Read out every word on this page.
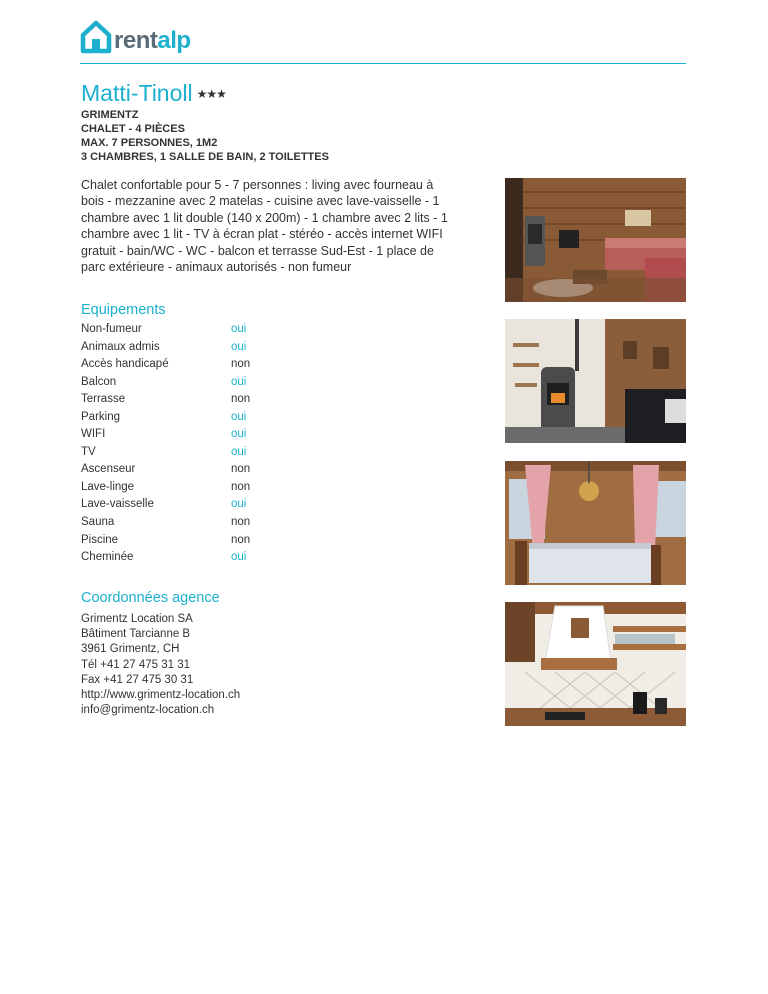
rentalp
Matti-Tinoll ★★★
GRIMENTZ
CHALET - 4 PIÈCES
MAX. 7 PERSONNES, 1M2
3 CHAMBRES, 1 SALLE DE BAIN, 2 TOILETTES
Chalet confortable pour 5 - 7 personnes : living avec fourneau à bois - mezzanine avec 2 matelas - cuisine avec lave-vaisselle - 1 chambre avec 1 lit double (140 x 200m) - 1 chambre avec 2 lits - 1 chambre avec 1 lit - TV à écran plat - stéréo - accès internet WIFI gratuit - bain/WC - WC - balcon et terrasse Sud-Est - 1 place de parc extérieure - animaux autorisés - non fumeur
Equipements
Non-fumeur	oui
Animaux admis	oui
Accès handicapé	non
Balcon	oui
Terrasse	non
Parking	oui
WIFI	oui
TV	oui
Ascenseur	non
Lave-linge	non
Lave-vaisselle	oui
Sauna	non
Piscine	non
Cheminée	oui
Coordonnées agence
Grimentz Location SA
Bâtiment Tarcianne B
3961 Grimentz, CH
Tél +41 27 475 31 31
Fax +41 27 475 30 31
http://www.grimentz-location.ch
info@grimentz-location.ch
